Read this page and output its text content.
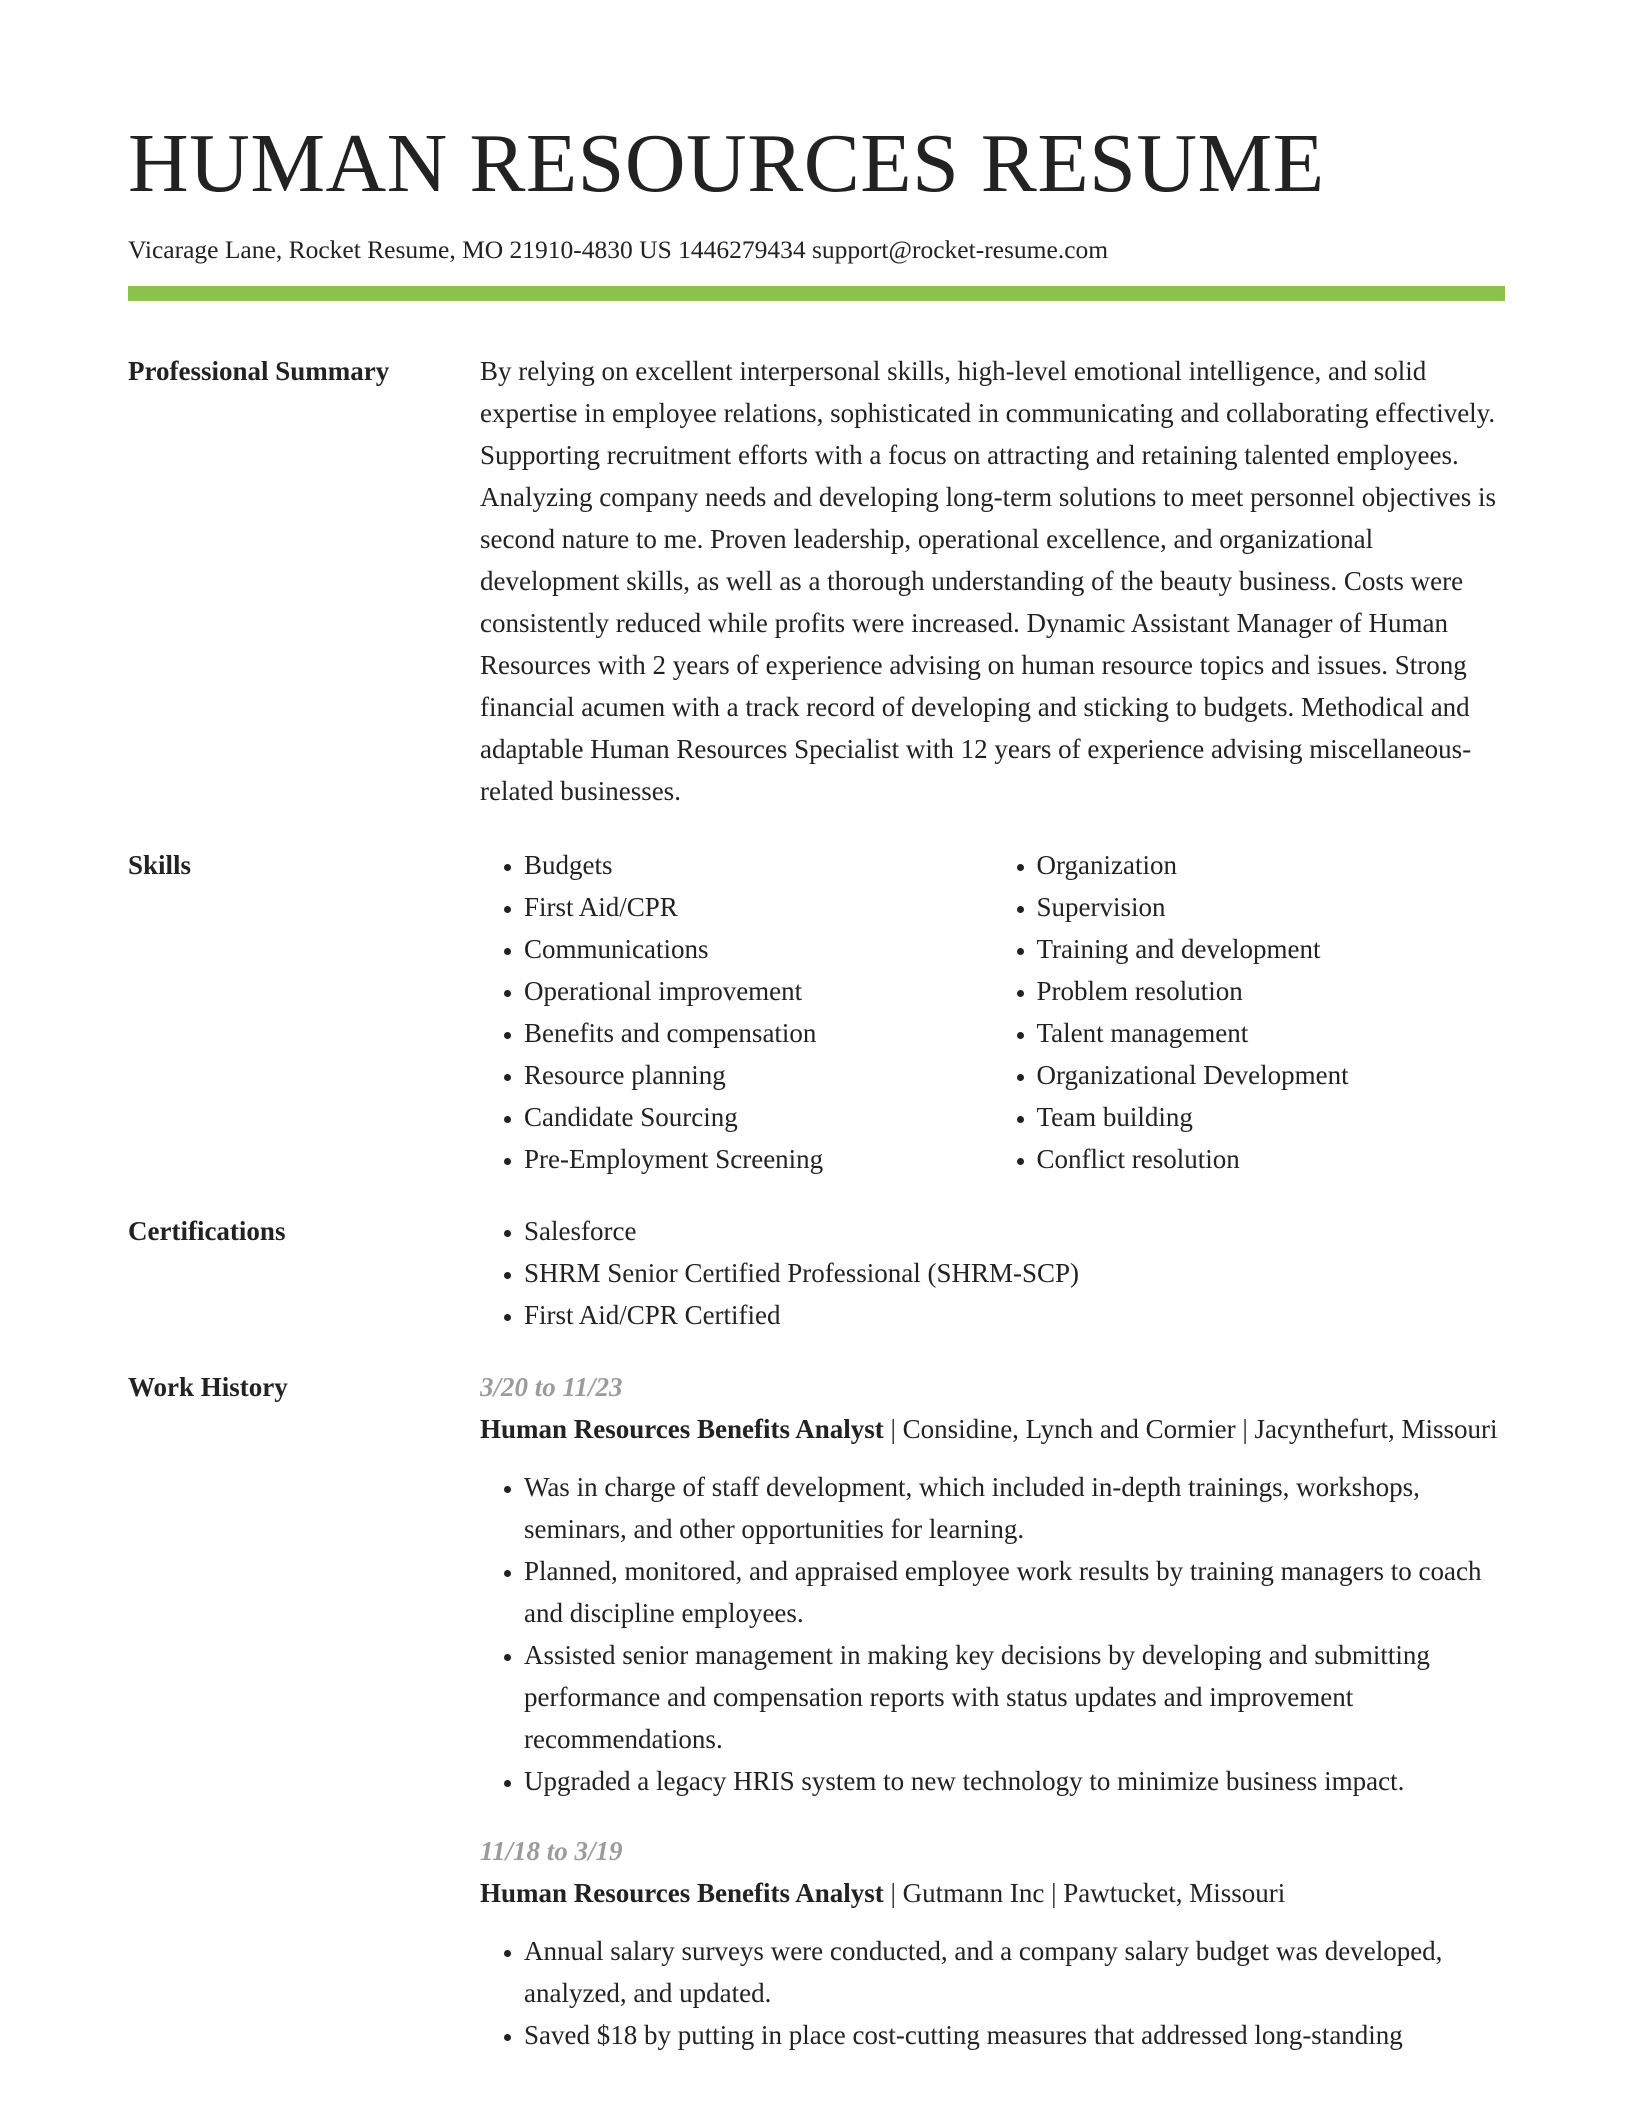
HUMAN RESOURCES RESUME
Vicarage Lane, Rocket Resume, MO 21910-4830 US 1446279434 support@rocket-resume.com
Professional Summary	By relying on excellent interpersonal skills, high-level emotional intelligence, and solid expertise in employee relations, sophisticated in communicating and collaborating effectively. Supporting recruitment efforts with a focus on attracting and retaining talented employees. Analyzing company needs and developing long-term solutions to meet personnel objectives is second nature to me. Proven leadership, operational excellence, and organizational development skills, as well as a thorough understanding of the beauty business. Costs were consistently reduced while profits were increased. Dynamic Assistant Manager of Human Resources with 2 years of experience advising on human resource topics and issues. Strong financial acumen with a track record of developing and sticking to budgets. Methodical and adaptable Human Resources Specialist with 12 years of experience advising miscellaneous-related businesses.

Skills	• Budgets
• First Aid/CPR
• Communications
• Operational improvement
• Benefits and compensation
• Resource planning
• Candidate Sourcing
• Pre-Employment Screening
• Organization
• Supervision
• Training and development
• Problem resolution
• Talent management
• Organizational Development
• Team building
• Conflict resolution
Certifications	• Salesforce
• SHRM Senior Certified Professional (SHRM-SCP)
• First Aid/CPR Certified
Work History	3/20 to 11/23
Human Resources Benefits Analyst | Considine, Lynch and Cormier | Jacynthefurt, Missouri
• Was in charge of staff development, which included in-depth trainings, workshops, seminars, and other opportunities for learning.
• Planned, monitored, and appraised employee work results by training managers to coach and discipline employees.
• Assisted senior management in making key decisions by developing and submitting performance and compensation reports with status updates and improvement recommendations.
• Upgraded a legacy HRIS system to new technology to minimize business impact.
11/18 to 3/19
Human Resources Benefits Analyst | Gutmann Inc | Pawtucket, Missouri
• Annual salary surveys were conducted, and a company salary budget was developed, analyzed, and updated.
• Saved $18 by putting in place cost-cutting measures that addressed long-standing
